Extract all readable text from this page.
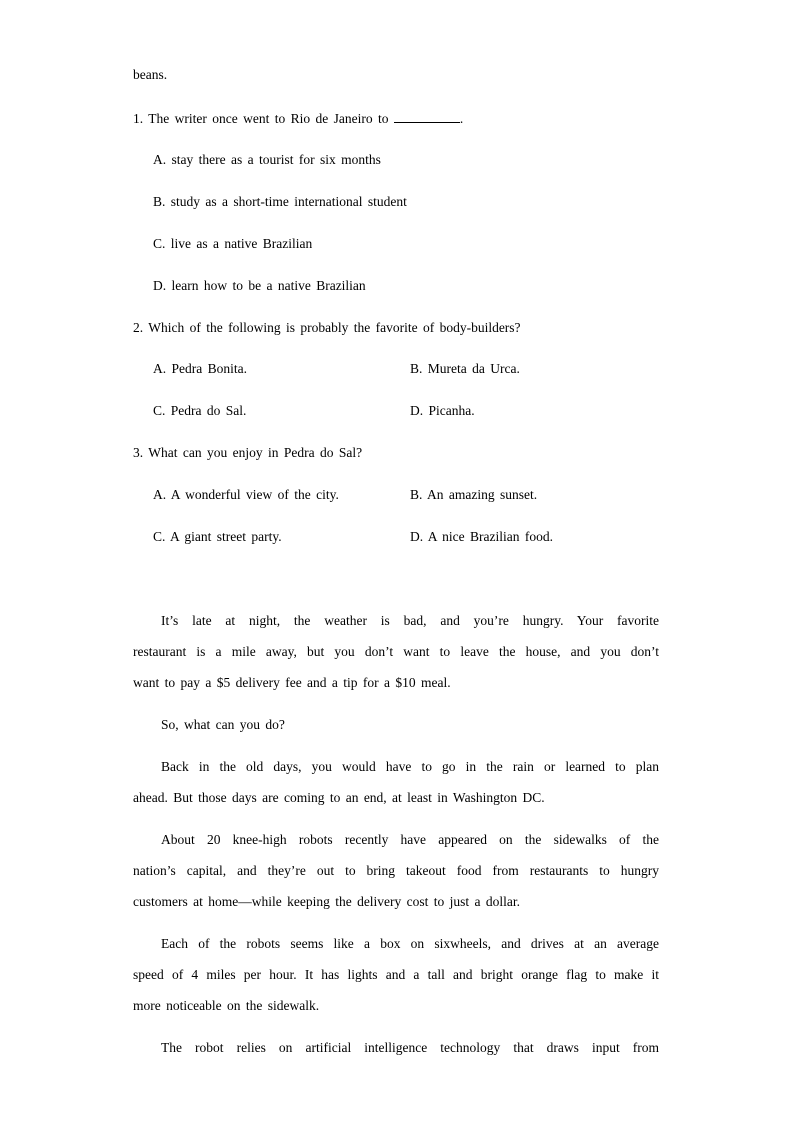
beans.
1. The writer once went to Rio de Janeiro to	.
A. stay there as a tourist for six months
B. study as a short-time international student
C. live as a native Brazilian
D. learn how to be a native Brazilian
2. Which of the following is probably the favorite of body-builders?
A. Pedra Bonita.	B. Mureta da Urca.
C. Pedra do Sal.	D. Picanha.
3. What can you enjoy in Pedra do Sal?
A. A wonderful view of the city.	B. An amazing sunset.
C. A giant street party.	D. A nice Brazilian food.
It’s late at night, the weather is bad, and you’re hungry. Your favorite
restaurant is a mile away, but you don’t want to leave the house, and you don’t
want to pay a $5 delivery fee and a tip for a $10 meal.
So, what can you do?
Back in the old days, you would have to go in the rain or learned to plan
ahead. But those days are coming to an end, at least in Washington DC.
About 20 knee-high robots recently have appeared on the sidewalks of the
nation’s capital, and they’re out to bring takeout food from restaurants to hungry
customers at home—while keeping the delivery cost to just a dollar.
Each of the robots seems like a box on sixwheels, and drives at an average
speed of 4 miles per hour. It has lights and a tall and bright orange flag to make it
more noticeable on the sidewalk.
The robot relies on artificial intelligence technology that draws input from
